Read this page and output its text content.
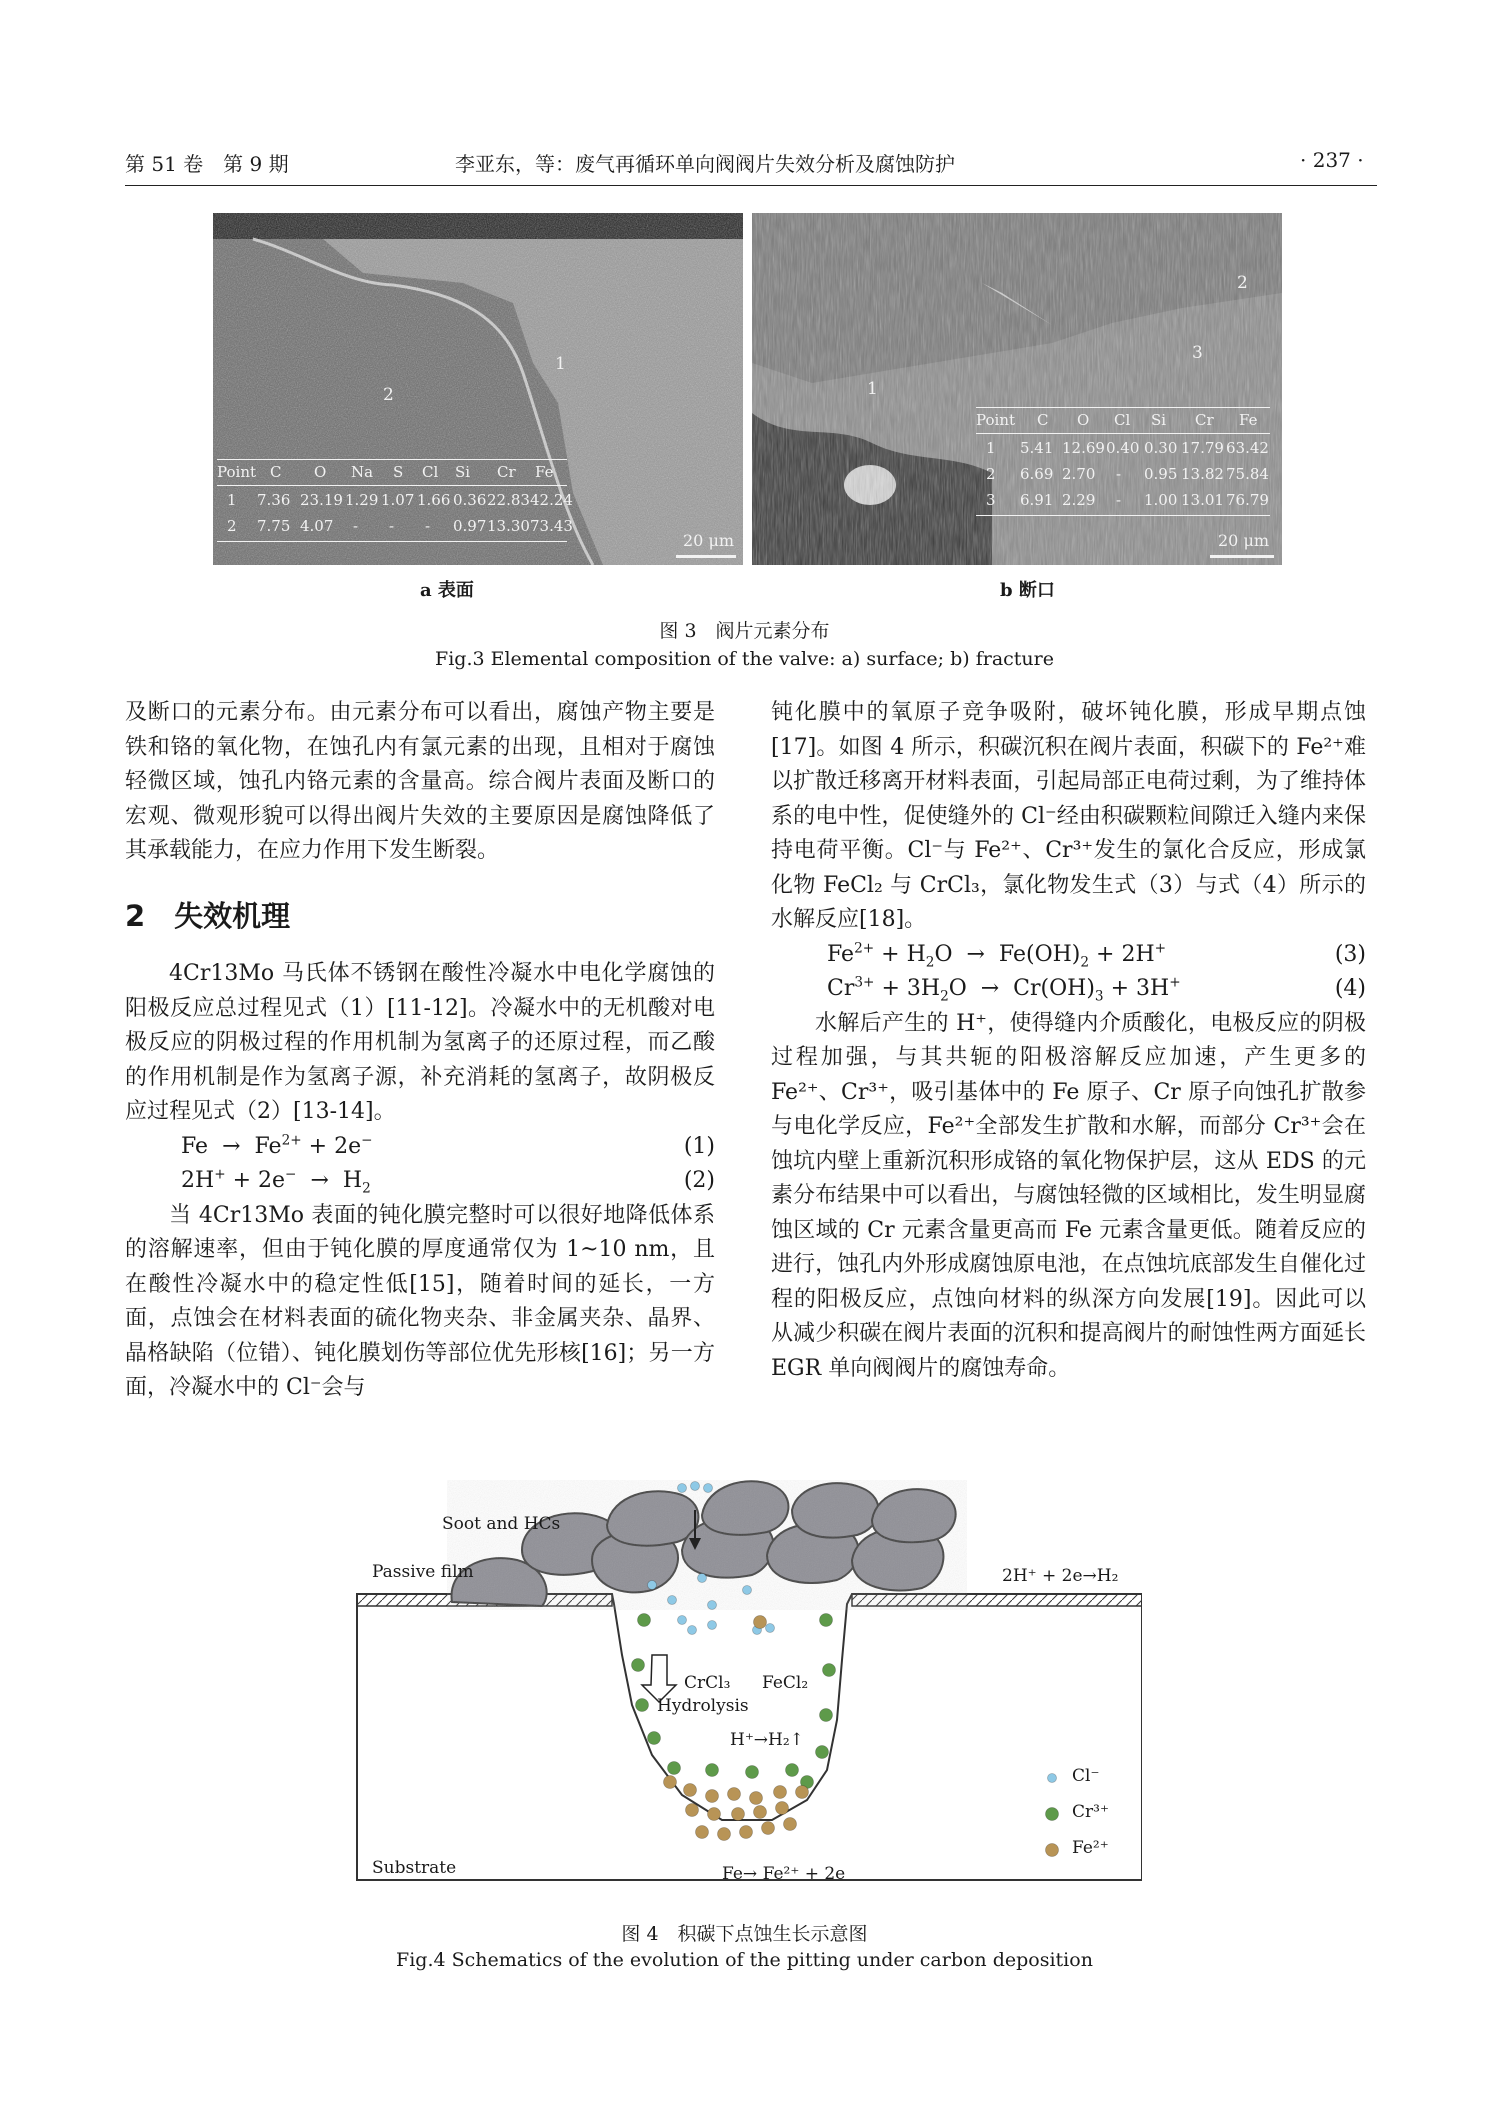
第 51 卷　第 9 期	李亚东，等：废气再循环单向阀阀片失效分析及腐蚀防护	· 237 ·
1
2
Point C O Na S Cl Si Cr Fe
1 7.36 23.19 1.29 1.07 1.66 0.36 22.83 42.24
2 7.75 4.07 - - - 0.97 13.30 73.43
20 μm
a 表面
1
2
3
Point C O Cl Si Cr Fe
1 5.41 12.69 0.40 0.30 17.79 63.42
2 6.69 2.70 - 0.95 13.82 75.84
3 6.91 2.29 - 1.00 13.01 76.79
20 μm
b 断口
图 3　阀片元素分布
Fig.3 Elemental composition of the valve: a) surface; b) fracture

及断口的元素分布。由元素分布可以看出，腐蚀产物主要是铁和铬的氧化物，在蚀孔内有氯元素的出现，且相对于腐蚀轻微区域，蚀孔内铬元素的含量高。综合阀片表面及断口的宏观、微观形貌可以得出阀片失效的主要原因是腐蚀降低了其承载能力，在应力作用下发生断裂。

2　失效机理

4Cr13Mo 马氏体不锈钢在酸性冷凝水中电化学腐蚀的阳极反应总过程见式（1）[11-12]。冷凝水中的无机酸对电极反应的阴极过程的作用机制为氢离子的还原过程，而乙酸的作用机制是作为氢离子源，补充消耗的氢离子，故阴极反应过程见式（2）[13-14]。

$Fe \to Fe^{2+} + 2e^-$	(1)
$2H^+ + 2e^- \to H_2$	(2)

当 4Cr13Mo 表面的钝化膜完整时可以很好地降低体系的溶解速率，但由于钝化膜的厚度通常仅为 1~10 nm，且在酸性冷凝水中的稳定性低[15]，随着时间的延长，一方面，点蚀会在材料表面的硫化物夹杂、非金属夹杂、晶界、晶格缺陷（位错）、钝化膜划伤等部位优先形核[16]；另一方面，冷凝水中的 Cl⁻会与

钝化膜中的氧原子竞争吸附，破坏钝化膜，形成早期点蚀[17]。如图 4 所示，积碳沉积在阀片表面，积碳下的 Fe²⁺难以扩散迁移离开材料表面，引起局部正电荷过剩，为了维持体系的电中性，促使缝外的 Cl⁻经由积碳颗粒间隙迁入缝内来保持电荷平衡。Cl⁻与 Fe²⁺、Cr³⁺发生的氯化合反应，形成氯化物 FeCl₂ 与 CrCl₃，氯化物发生式（3）与式（4）所示的水解反应[18]。

$Fe^{2+} + H_2O \to Fe(OH)_2 + 2H^+$	(3)
$Cr^{3+} + 3H_2O \to Cr(OH)_3 + 3H^+$	(4)

水解后产生的 H⁺，使得缝内介质酸化，电极反应的阴极过程加强，与其共轭的阳极溶解反应加速，产生更多的 Fe²⁺、Cr³⁺，吸引基体中的 Fe 原子、Cr 原子向蚀孔扩散参与电化学反应，Fe²⁺全部发生扩散和水解，而部分 Cr³⁺会在蚀坑内壁上重新沉积形成铬的氧化物保护层，这从 EDS 的元素分布结果中可以看出，与腐蚀轻微的区域相比，发生明显腐蚀区域的 Cr 元素含量更高而 Fe 元素含量更低。随着反应的进行，蚀孔内外形成腐蚀原电池，在点蚀坑底部发生自催化过程的阳极反应，点蚀向材料的纵深方向发展[19]。因此可以从减少积碳在阀片表面的沉积和提高阀片的耐蚀性两方面延长 EGR 单向阀阀片的腐蚀寿命。

Soot and HCs
Passive film	2H⁺ + 2e→H₂
CrCl₃ FeCl₂
Hydrolysis
H⁺→H₂↑
Substrate	Fe→ Fe²⁺ + 2e
Cl⁻
Cr³⁺
Fe²⁺
图 4　积碳下点蚀生长示意图
Fig.4 Schematics of the evolution of the pitting under carbon deposition
